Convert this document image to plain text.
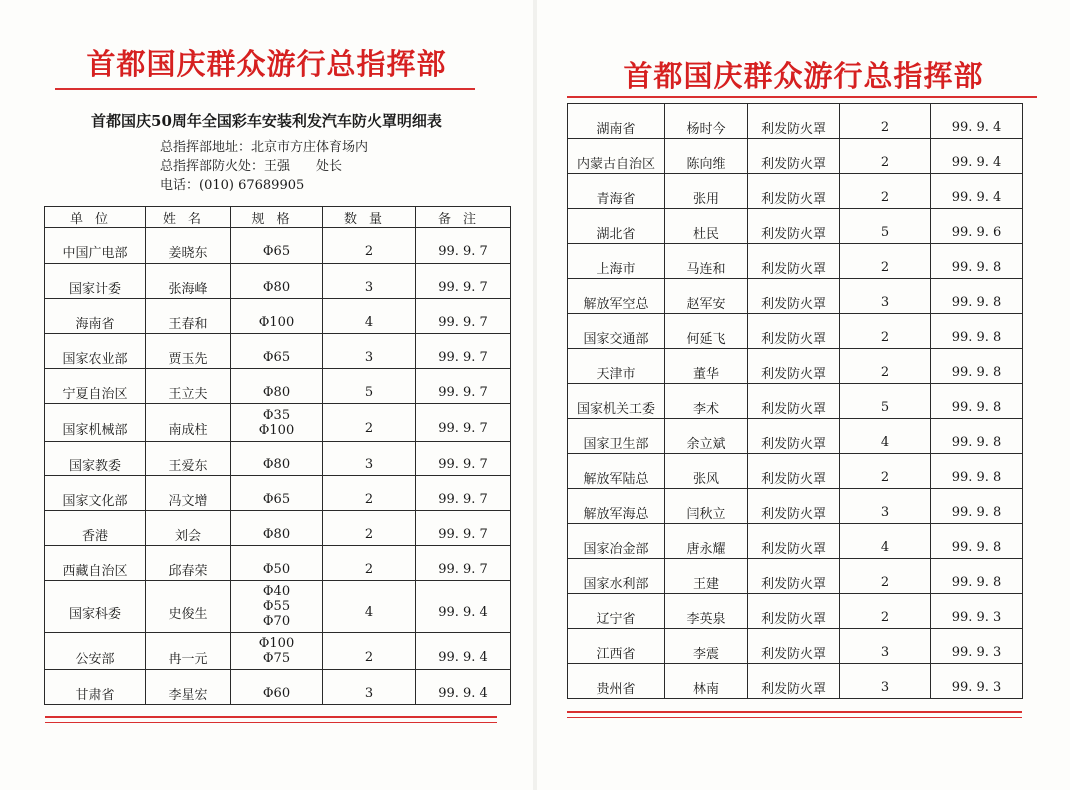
首都国庆群众游行总指挥部
首都国庆50周年全国彩车安装利发汽车防火罩明细表
总指挥部地址：北京市方庄体育场内
总指挥部防火处：王强　　处长
电话：(010) 67689905
单位	姓名	规格	数量	备注
中国广电部	姜晓东	Φ65	2	99. 9. 7
国家计委	张海峰	Φ80	3	99. 9. 7
海南省	王春和	Φ100	4	99. 9. 7
国家农业部	贾玉先	Φ65	3	99. 9. 7
宁夏自治区	王立夫	Φ80	5	99. 9. 7
国家机械部	南成柱	Φ35
Φ100	2	99. 9. 7
国家教委	王爱东	Φ80	3	99. 9. 7
国家文化部	冯文增	Φ65	2	99. 9. 7
香港	刘会	Φ80	2	99. 9. 7
西藏自治区	邱春荣	Φ50	2	99. 9. 7
国家科委	史俊生	Φ40
Φ55
Φ70	4	99. 9. 4
公安部	冉一元	Φ100
Φ75	2	99. 9. 4
甘肃省	李星宏	Φ60	3	99. 9. 4
首都国庆群众游行总指挥部
湖南省	杨时今	利发防火罩	2	99. 9. 4
内蒙古自治区	陈向维	利发防火罩	2	99. 9. 4
青海省	张用	利发防火罩	2	99. 9. 4
湖北省	杜民	利发防火罩	5	99. 9. 6
上海市	马连和	利发防火罩	2	99. 9. 8
解放军空总	赵军安	利发防火罩	3	99. 9. 8
国家交通部	何延飞	利发防火罩	2	99. 9. 8
天津市	董华	利发防火罩	2	99. 9. 8
国家机关工委	李术	利发防火罩	5	99. 9. 8
国家卫生部	余立斌	利发防火罩	4	99. 9. 8
解放军陆总	张风	利发防火罩	2	99. 9. 8
解放军海总	闫秋立	利发防火罩	3	99. 9. 8
国家冶金部	唐永耀	利发防火罩	4	99. 9. 8
国家水利部	王建	利发防火罩	2	99. 9. 8
辽宁省	李英泉	利发防火罩	2	99. 9. 3
江西省	李震	利发防火罩	3	99. 9. 3
贵州省	林南	利发防火罩	3	99. 9. 3
